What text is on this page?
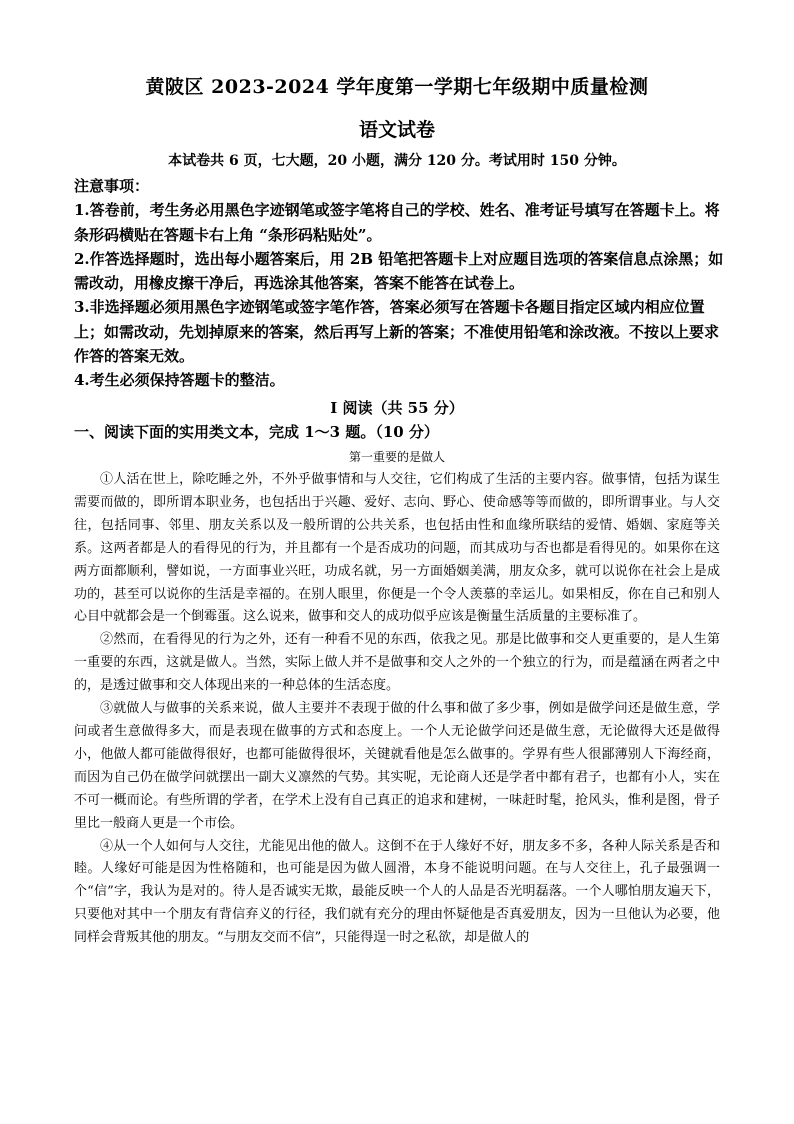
黄陂区 2023-2024 学年度第一学期七年级期中质量检测
语文试卷
本试卷共 6 页，七大题，20 小题，满分 120 分。考试用时 150 分钟。

注意事项：

1.答卷前，考生务必用黑色字迹钢笔或签字笔将自己的学校、姓名、准考证号填写在答题卡上。将条形码横贴在答题卡右上角 “条形码粘贴处”。

2.作答选择题时，选出每小题答案后，用 2B 铅笔把答题卡上对应题目选项的答案信息点涂黑；如需改动，用橡皮擦干净后，再选涂其他答案，答案不能答在试卷上。

3.非选择题必须用黑色字迹钢笔或签字笔作答，答案必须写在答题卡各题目指定区域内相应位置上；如需改动，先划掉原来的答案，然后再写上新的答案；不准使用铅笔和涂改液。不按以上要求作答的答案无效。

4.考生必须保持答题卡的整洁。

Ⅰ 阅读（共 55 分）
一、阅读下面的实用类文本，完成 1～3 题。（10 分）
第一重要的是做人

①人活在世上，除吃睡之外，不外乎做事情和与人交往，它们构成了生活的主要内容。做事情，包括为谋生需要而做的，即所谓本职业务，也包括出于兴趣、爱好、志向、野心、使命感等等而做的，即所谓事业。与人交往，包括同事、邻里、朋友关系以及一般所谓的公共关系，也包括由性和血缘所联结的爱情、婚姻、家庭等关系。这两者都是人的看得见的行为，并且都有一个是否成功的问题，而其成功与否也都是看得见的。如果你在这两方面都顺利，譬如说，一方面事业兴旺，功成名就，另一方面婚姻美满，朋友众多，就可以说你在社会上是成功的，甚至可以说你的生活是幸福的。在别人眼里，你便是一个令人羡慕的幸运儿。如果相反，你在自己和别人心目中就都会是一个倒霉蛋。这么说来，做事和交人的成功似乎应该是衡量生活质量的主要标准了。

②然而，在看得见的行为之外，还有一种看不见的东西，依我之见。那是比做事和交人更重要的，是人生第一重要的东西，这就是做人。当然，实际上做人并不是做事和交人之外的一个独立的行为，而是蕴涵在两者之中的，是透过做事和交人体现出来的一种总体的生活态度。

③就做人与做事的关系来说，做人主要并不表现于做的什么事和做了多少事，例如是做学问还是做生意，学问或者生意做得多大，而是表现在做事的方式和态度上。一个人无论做学问还是做生意，无论做得大还是做得小，他做人都可能做得很好，也都可能做得很坏，关键就看他是怎么做事的。学界有些人很鄙薄别人下海经商，而因为自己仍在做学问就摆出一副大义凛然的气势。其实呢，无论商人还是学者中都有君子，也都有小人，实在不可一概而论。有些所谓的学者，在学术上没有自己真正的追求和建树，一味赶时髦，抢风头，惟利是图，骨子里比一般商人更是一个市侩。

④从一个人如何与人交往，尤能见出他的做人。这倒不在于人缘好不好，朋友多不多，各种人际关系是否和睦。人缘好可能是因为性格随和，也可能是因为做人圆滑，本身不能说明问题。在与人交往上，孔子最强调一个“信”字，我认为是对的。待人是否诚实无欺，最能反映一个人的人品是否光明磊落。一个人哪怕朋友遍天下，只要他对其中一个朋友有背信弃义的行径，我们就有充分的理由怀疑他是否真爱朋友，因为一旦他认为必要，他同样会背叛其他的朋友。“与朋友交而不信”，只能得逞一时之私欲，却是做人的
